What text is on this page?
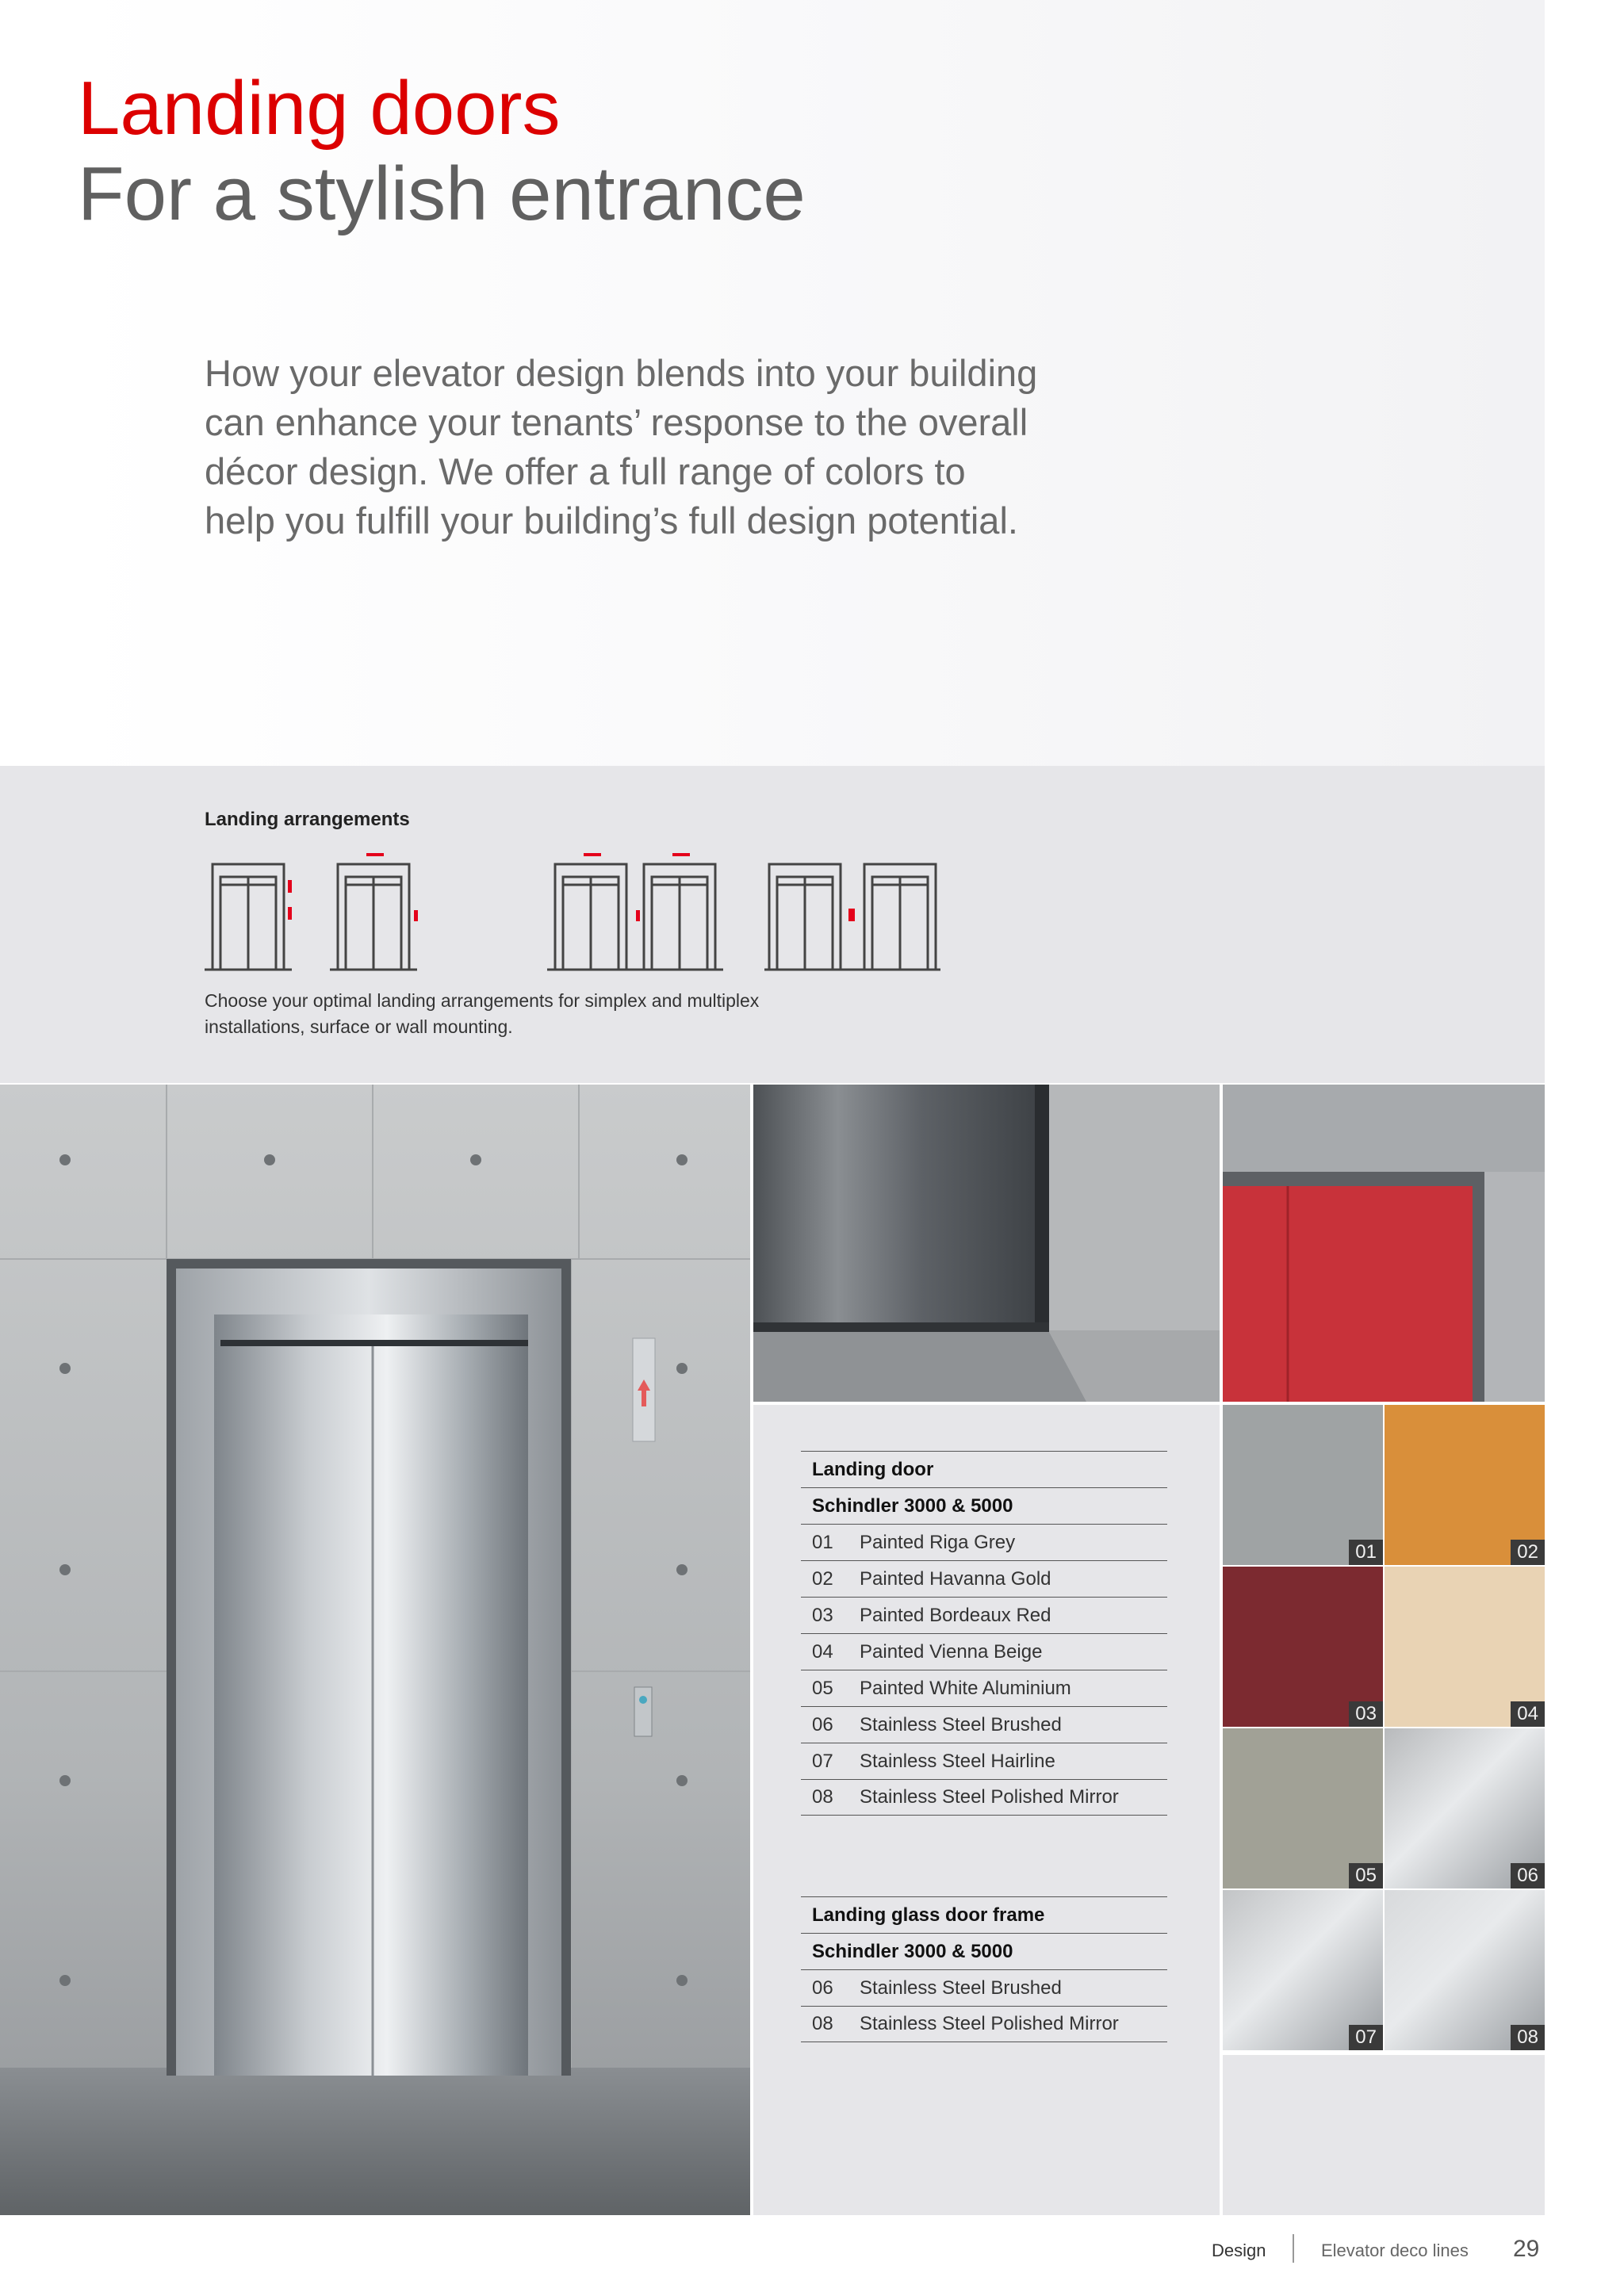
Landing doors
For a stylish entrance
How your elevator design blends into your building can enhance your tenants’ response to the overall décor design. We offer a full range of colors to help you fulfill your building’s full design potential.
Landing arrangements
Choose your optimal landing arrangements for simplex and multiplex installations, surface or wall mounting.
Landing door
Schindler 3000 & 5000
01	Painted Riga Grey
02	Painted Havanna Gold
03	Painted Bordeaux Red
04	Painted Vienna Beige
05	Painted White Aluminium
06	Stainless Steel Brushed
07	Stainless Steel Hairline
08	Stainless Steel Polished Mirror
Landing glass door frame
Schindler 3000 & 5000
06	Stainless Steel Brushed
08	Stainless Steel Polished Mirror
01	02
03	04
05	06
07	08
Design	Elevator deco lines 29
